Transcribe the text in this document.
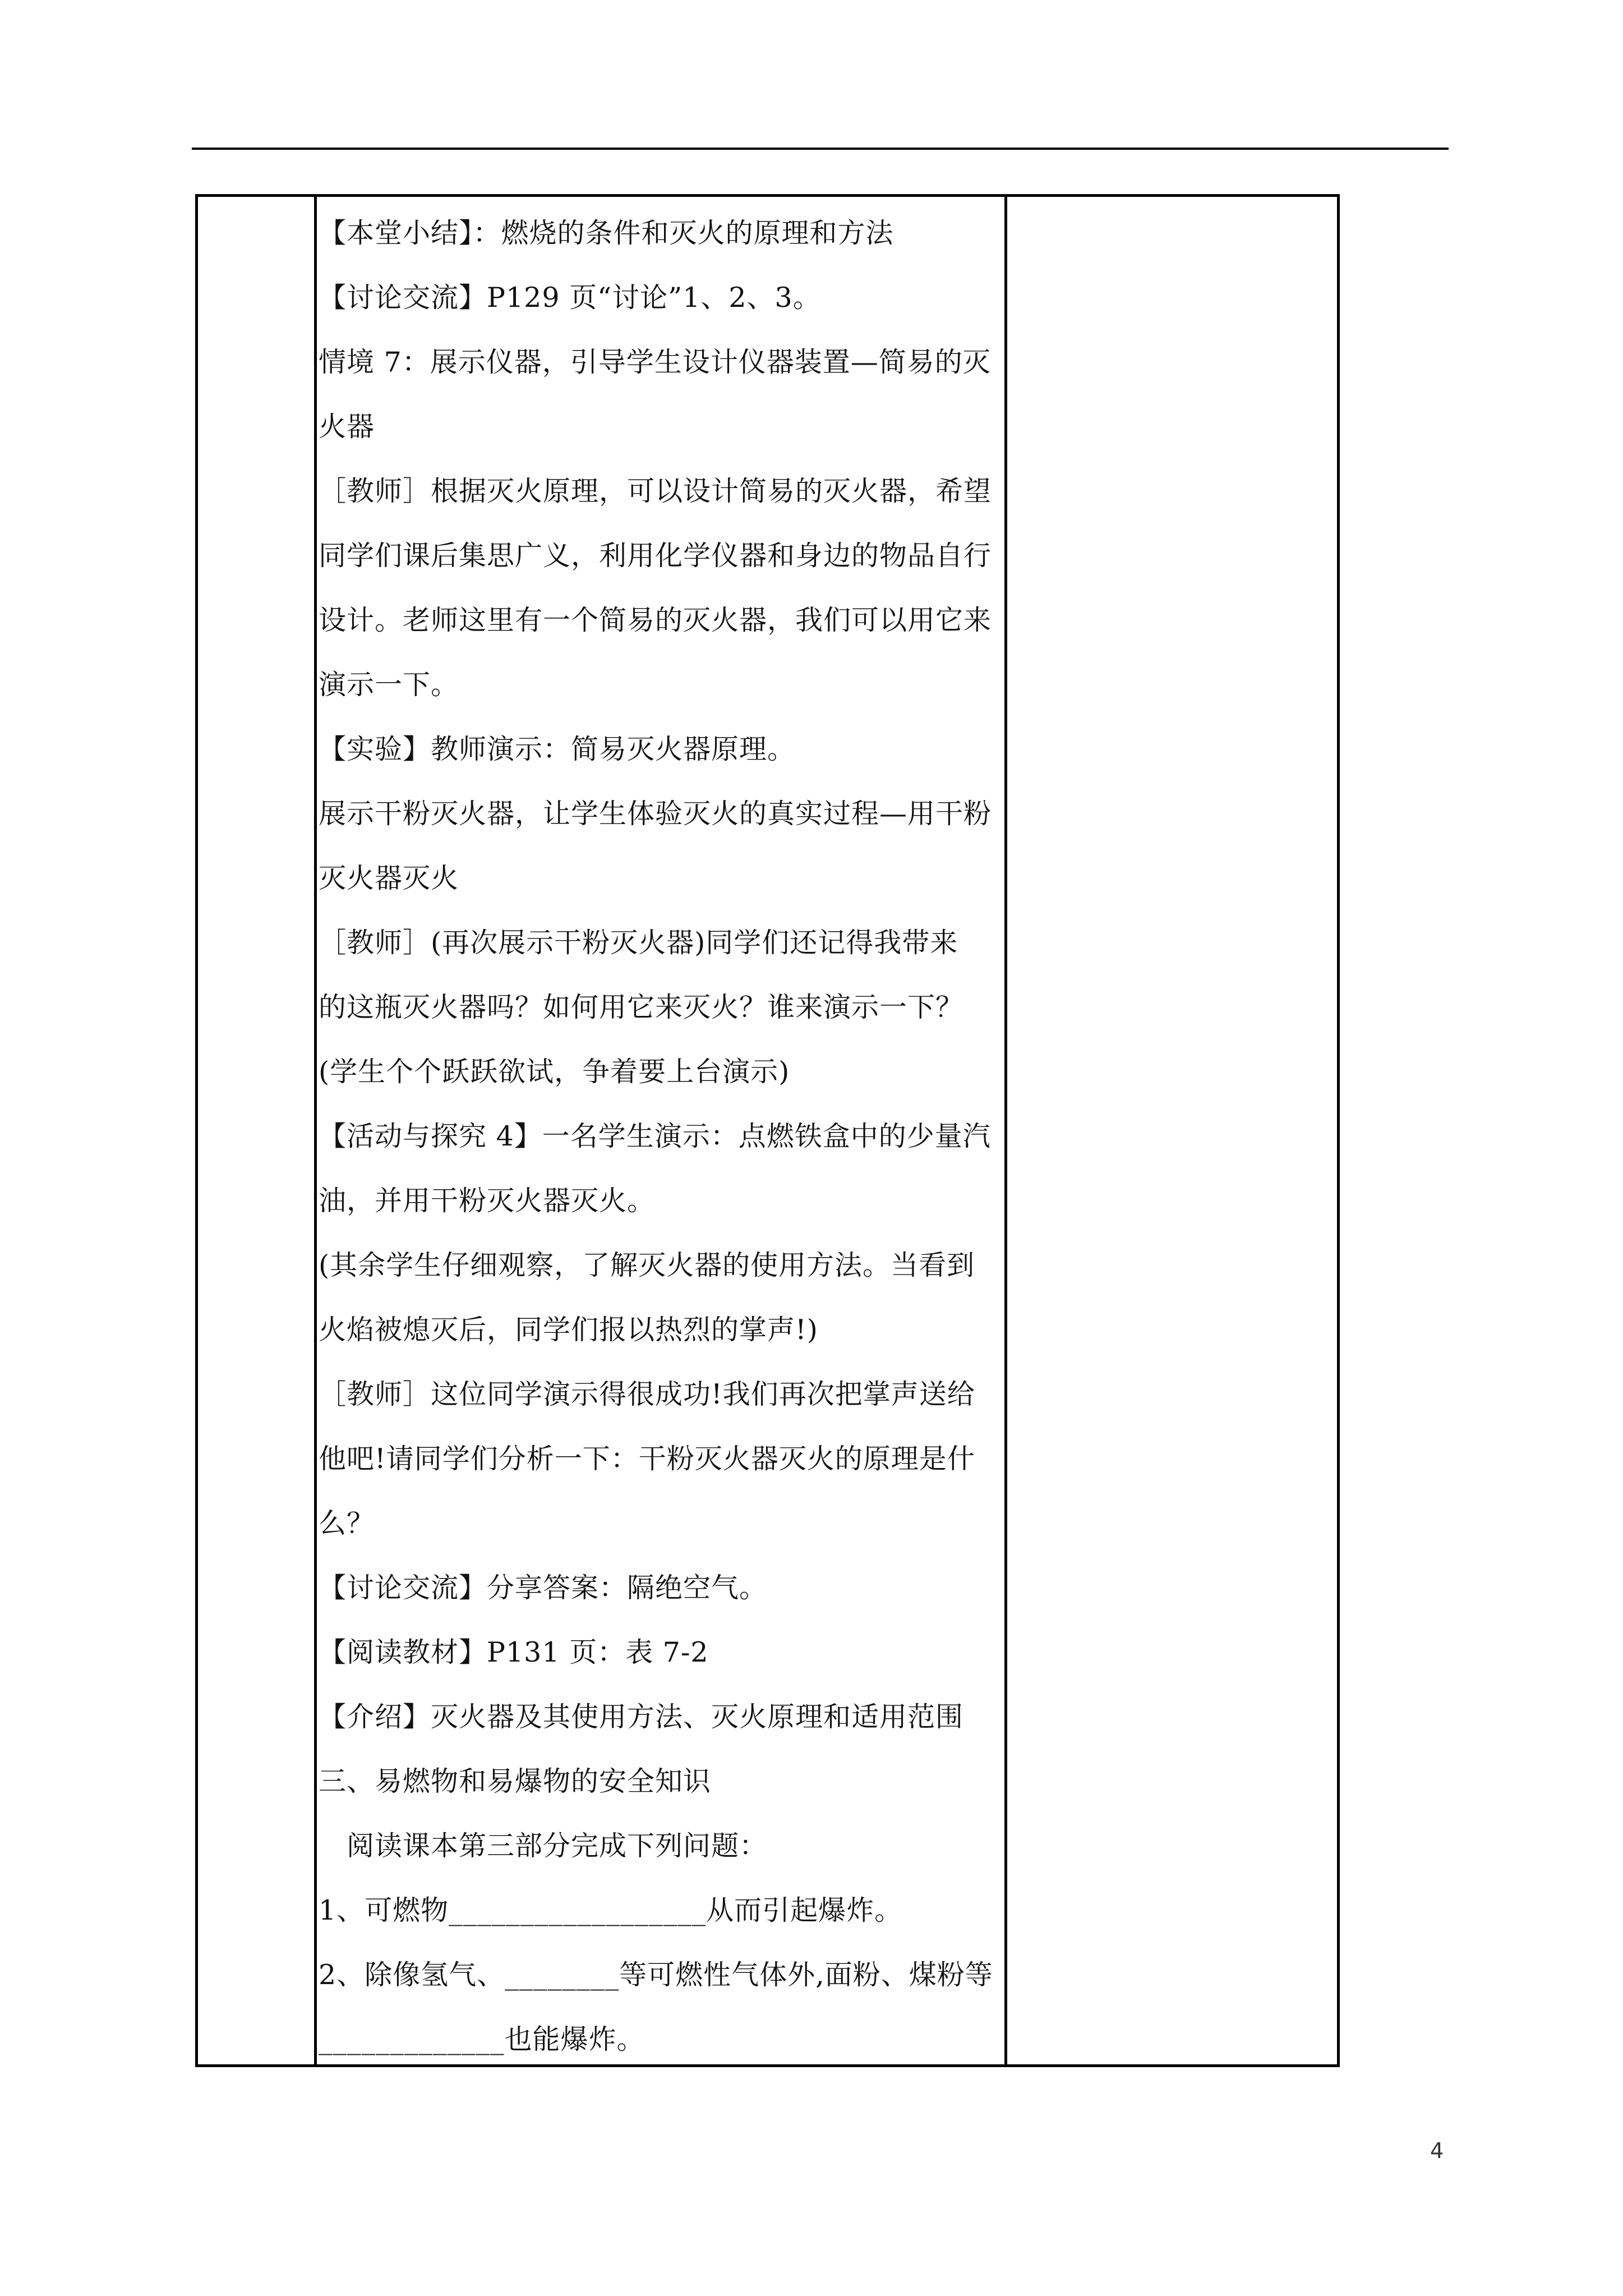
【本堂小结】：燃烧的条件和灭火的原理和方法
【讨论交流】P129 页“讨论”1、2、3。
情境 7：展示仪器，引导学生设计仪器装置—简易的灭
火器
［教师］根据灭火原理，可以设计简易的灭火器，希望
同学们课后集思广义，利用化学仪器和身边的物品自行
设计。老师这里有一个简易的灭火器，我们可以用它来
演示一下。
【实验】教师演示：简易灭火器原理。
展示干粉灭火器，让学生体验灭火的真实过程—用干粉
灭火器灭火
［教师］(再次展示干粉灭火器)同学们还记得我带来
的这瓶灭火器吗？如何用它来灭火？谁来演示一下？
(学生个个跃跃欲试，争着要上台演示)
【活动与探究 4】一名学生演示：点燃铁盒中的少量汽
油，并用干粉灭火器灭火。
(其余学生仔细观察，了解灭火器的使用方法。当看到
火焰被熄灭后，同学们报以热烈的掌声!)
［教师］这位同学演示得很成功!我们再次把掌声送给
他吧!请同学们分析一下：干粉灭火器灭火的原理是什
么？
【讨论交流】分享答案：隔绝空气。
【阅读教材】P131 页：表 7-2
【介绍】灭火器及其使用方法、灭火原理和适用范围
三、易燃物和易爆物的安全知识
　阅读课本第三部分完成下列问题：
1、可燃物__________________从而引起爆炸。
2、除像氢气、________等可燃性气体外,面粉、煤粉等
_____________也能爆炸。
4
